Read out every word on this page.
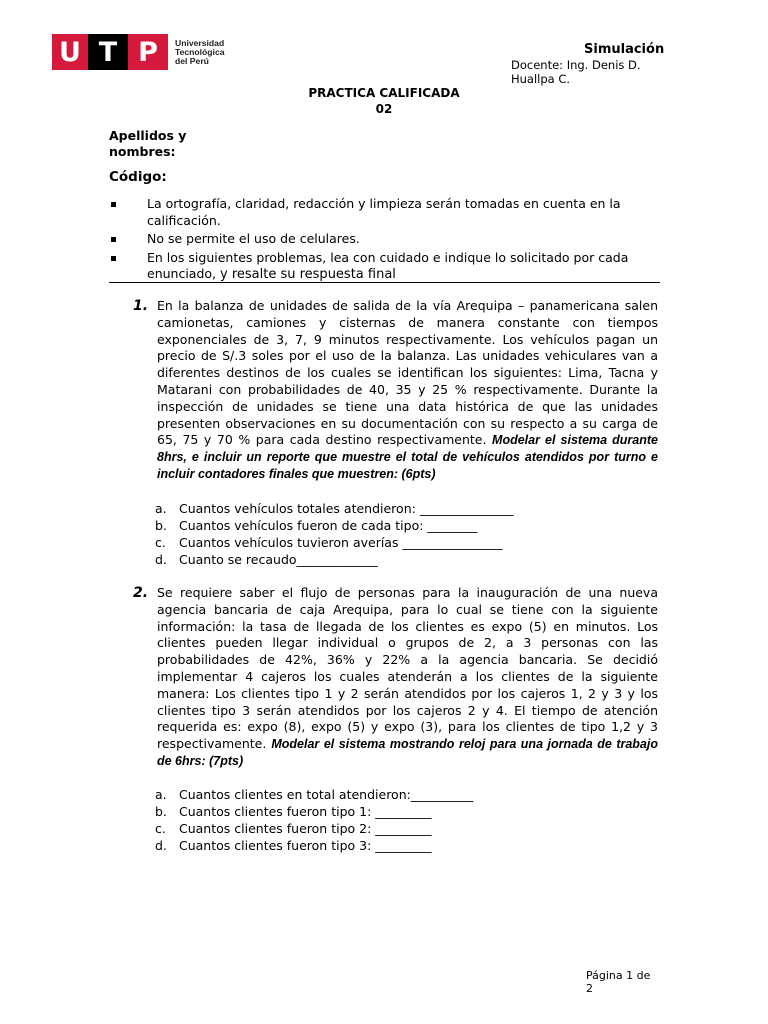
U T P	Universidad
Tecnológica
del Perú
Simulación
Docente: Ing. Denis D. Huallpa C.
PRACTICA CALIFICADA
02
Apellidos y
nombres:
Código:
La ortografía, claridad, redacción y limpieza serán tomadas en cuenta en la calificación.
No se permite el uso de celulares.
En los siguientes problemas, lea con cuidado e indique lo solicitado por cada enunciado, y resalte su respuesta final
1. En la balanza de unidades de salida de la vía Arequipa – panamericana salen camionetas, camiones y cisternas de manera constante con tiempos exponenciales de 3, 7, 9 minutos respectivamente. Los vehículos pagan un precio de S/.3 soles por el uso de la balanza. Las unidades vehiculares van a diferentes destinos de los cuales se identifican los siguientes: Lima, Tacna y Matarani con probabilidades de 40, 35 y 25 % respectivamente. Durante la inspección de unidades se tiene una data histórica de que las unidades presenten observaciones en su documentación con su respecto a su carga de 65, 75 y 70 % para cada destino respectivamente. Modelar el sistema durante 8hrs, e incluir un reporte que muestre el total de vehículos atendidos por turno e incluir contadores finales que muestren: (6pts)
a. Cuantos vehículos totales atendieron: _______________
b. Cuantos vehículos fueron de cada tipo: ________
c. Cuantos vehículos tuvieron averías ________________
d. Cuanto se recaudo_____________
2. Se requiere saber el flujo de personas para la inauguración de una nueva agencia bancaria de caja Arequipa, para lo cual se tiene con la siguiente información: la tasa de llegada de los clientes es expo (5) en minutos. Los clientes pueden llegar individual o grupos de 2, a 3 personas con las probabilidades de 42%, 36% y 22% a la agencia bancaria. Se decidió implementar 4 cajeros los cuales atenderán a los clientes de la siguiente manera: Los clientes tipo 1 y 2 serán atendidos por los cajeros 1, 2 y 3 y los clientes tipo 3 serán atendidos por los cajeros 2 y 4. El tiempo de atención requerida es: expo (8), expo (5) y expo (3), para los clientes de tipo 1,2 y 3 respectivamente. Modelar el sistema mostrando reloj para una jornada de trabajo de 6hrs: (7pts)
a. Cuantos clientes en total atendieron:__________
b. Cuantos clientes fueron tipo 1: _________
c. Cuantos clientes fueron tipo 2: _________
d. Cuantos clientes fueron tipo 3: _________
Página 1 de 2
